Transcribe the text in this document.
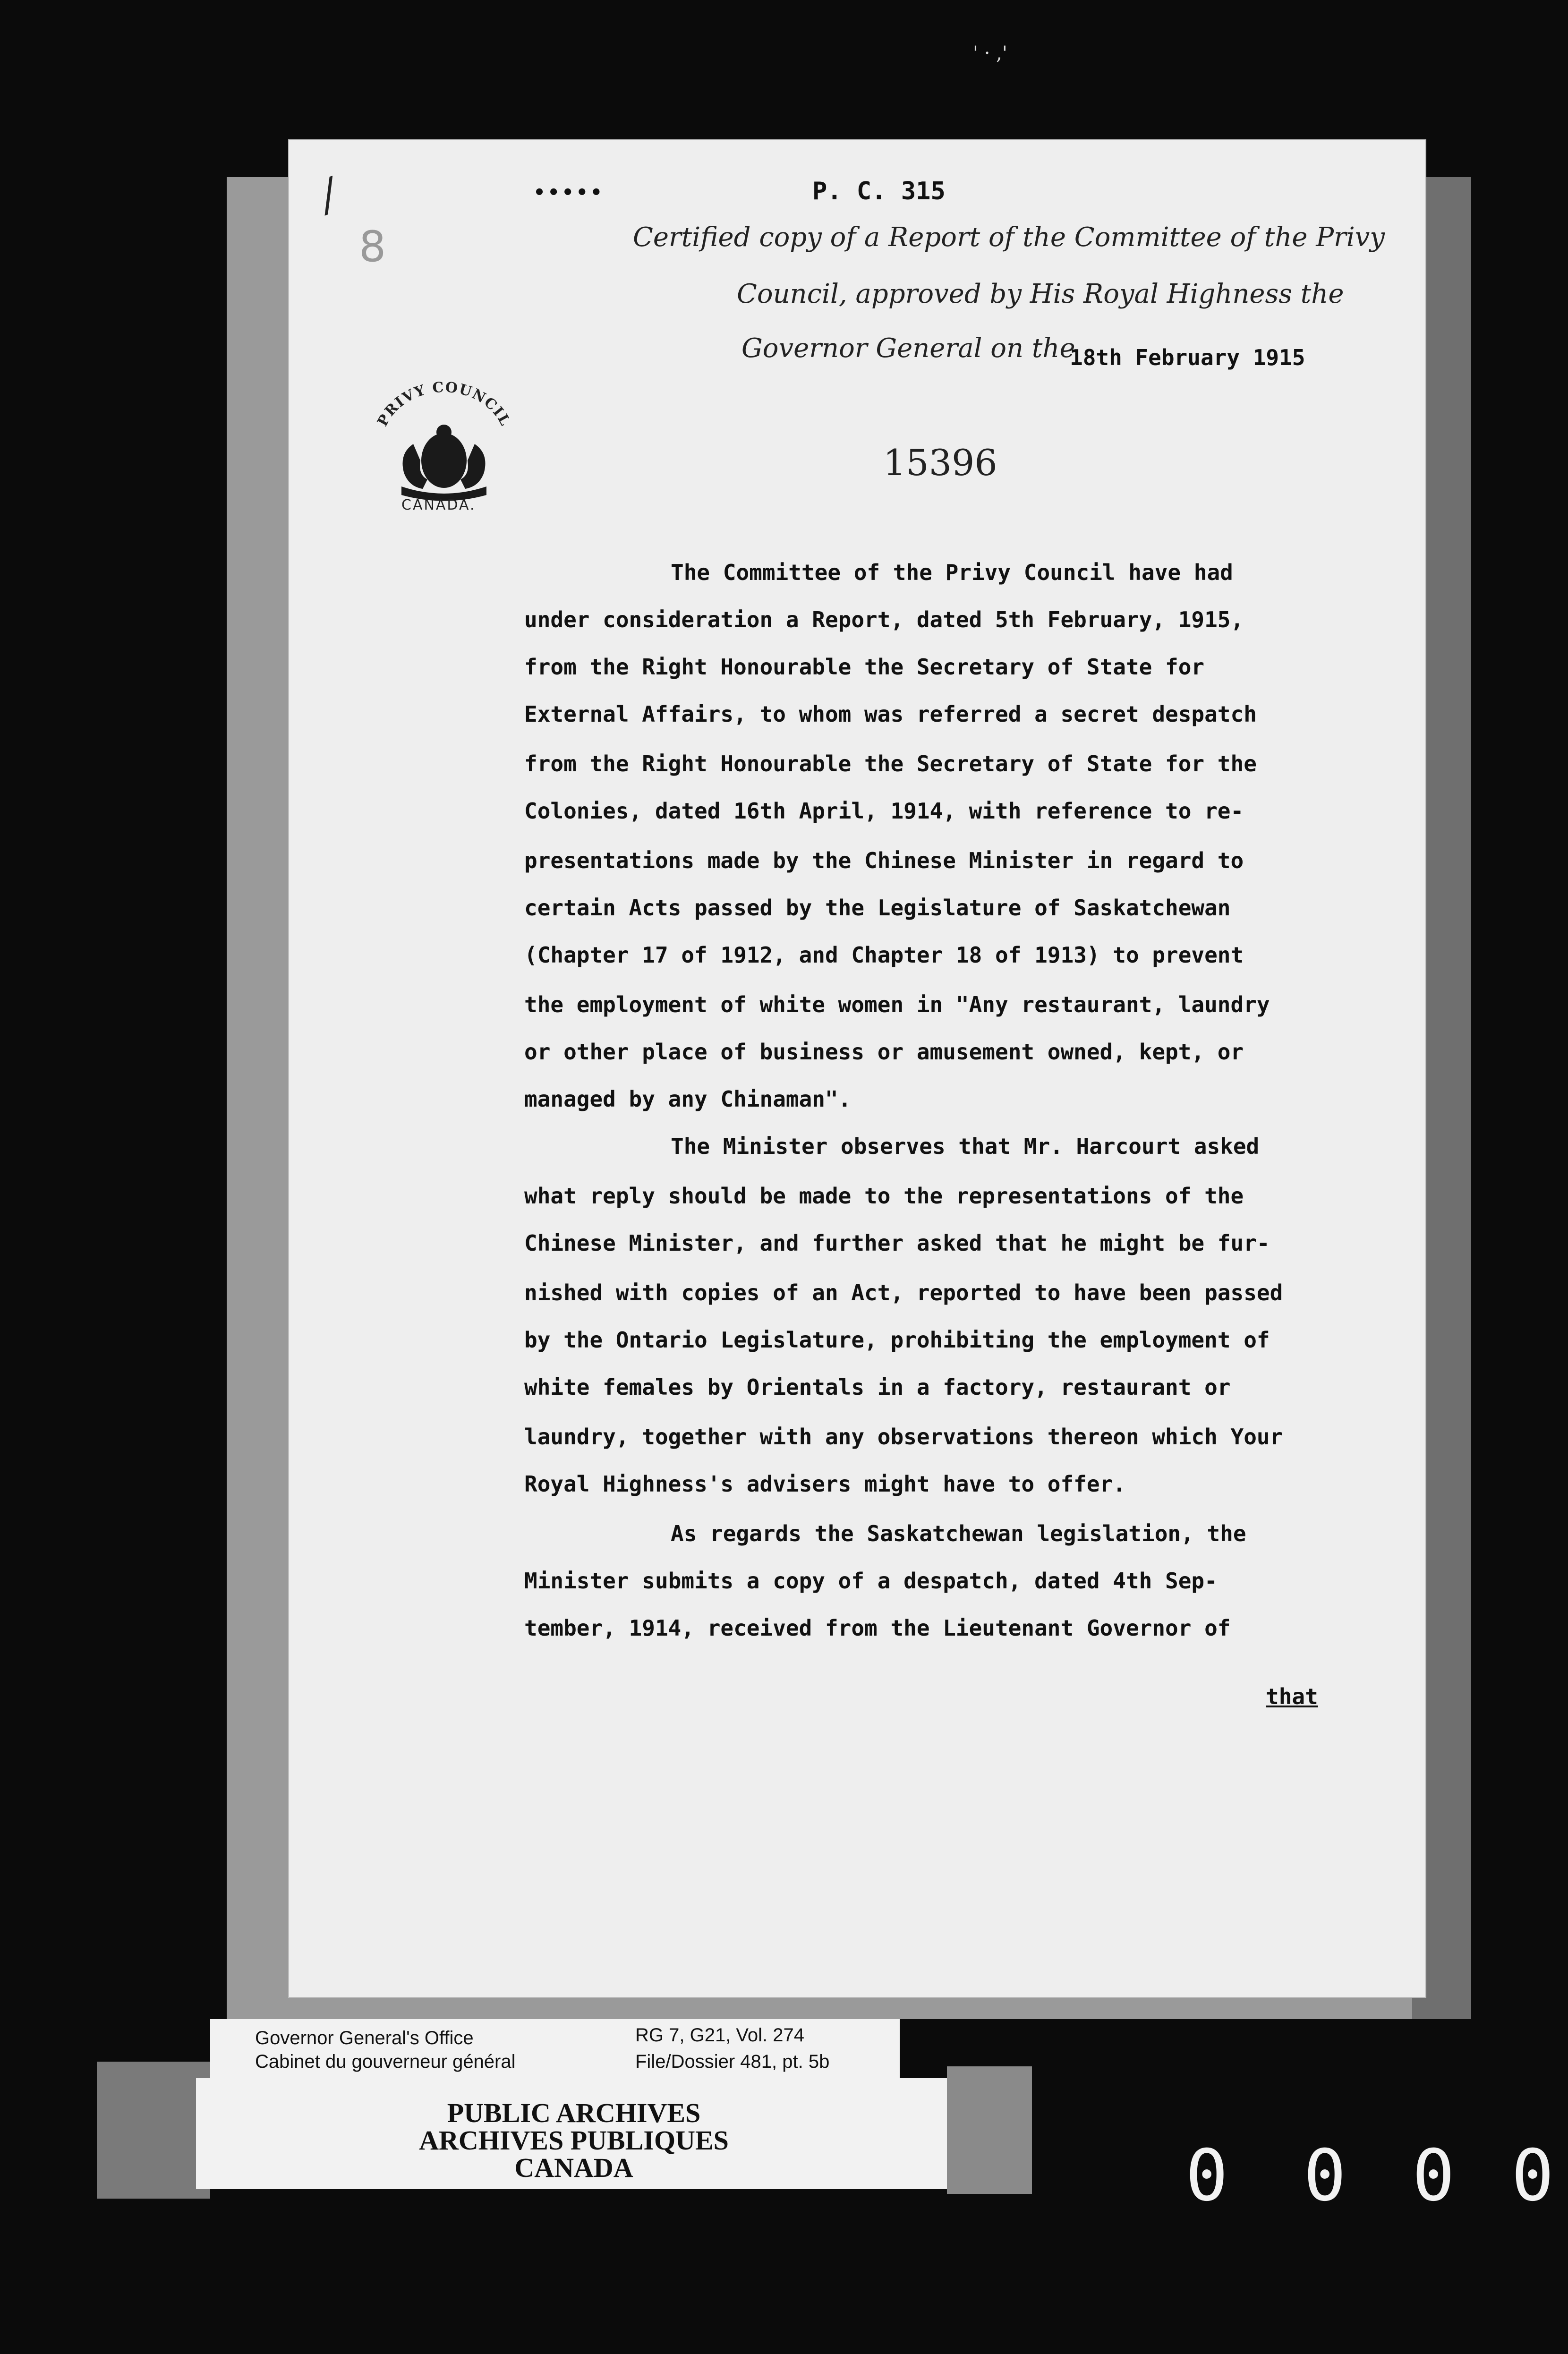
' · ,'
/
8
•••••	P. C. 315
Certified copy of a Report of the Committee of the Privy
Council, approved by His Royal Highness the
Governor General on the
18th February 1915
PRIVY COUNCIL
CANADA.
15396
The Committee of the Privy Council have had
under consideration a Report, dated 5th February, 1915,
from the Right Honourable the Secretary of State for
External Affairs, to whom was referred a secret despatch
from the Right Honourable the Secretary of State for the
Colonies, dated 16th April, 1914, with reference to re-
presentations made by the Chinese Minister in regard to
certain Acts passed by the Legislature of Saskatchewan
(Chapter 17 of 1912, and Chapter 18 of 1913) to prevent
the employment of white women in "Any restaurant, laundry
or other place of business or amusement owned, kept, or
managed by any Chinaman".
The Minister observes that Mr. Harcourt asked
what reply should be made to the representations of the
Chinese Minister, and further asked that he might be fur-
nished with copies of an Act, reported to have been passed
by the Ontario Legislature, prohibiting the employment of
white females by Orientals in a factory, restaurant or
laundry, together with any observations thereon which Your
Royal Highness's advisers might have to offer.
As regards the Saskatchewan legislation, the
Minister submits a copy of a despatch, dated 4th Sep-
tember, 1914, received from the Lieutenant Governor of
that
Governor General's Office
Cabinet du gouverneur général
RG 7, G21, Vol. 274
File/Dossier 481, pt. 5b
PUBLIC ARCHIVES
ARCHIVES PUBLIQUES
CANADA	0 0 0 0
